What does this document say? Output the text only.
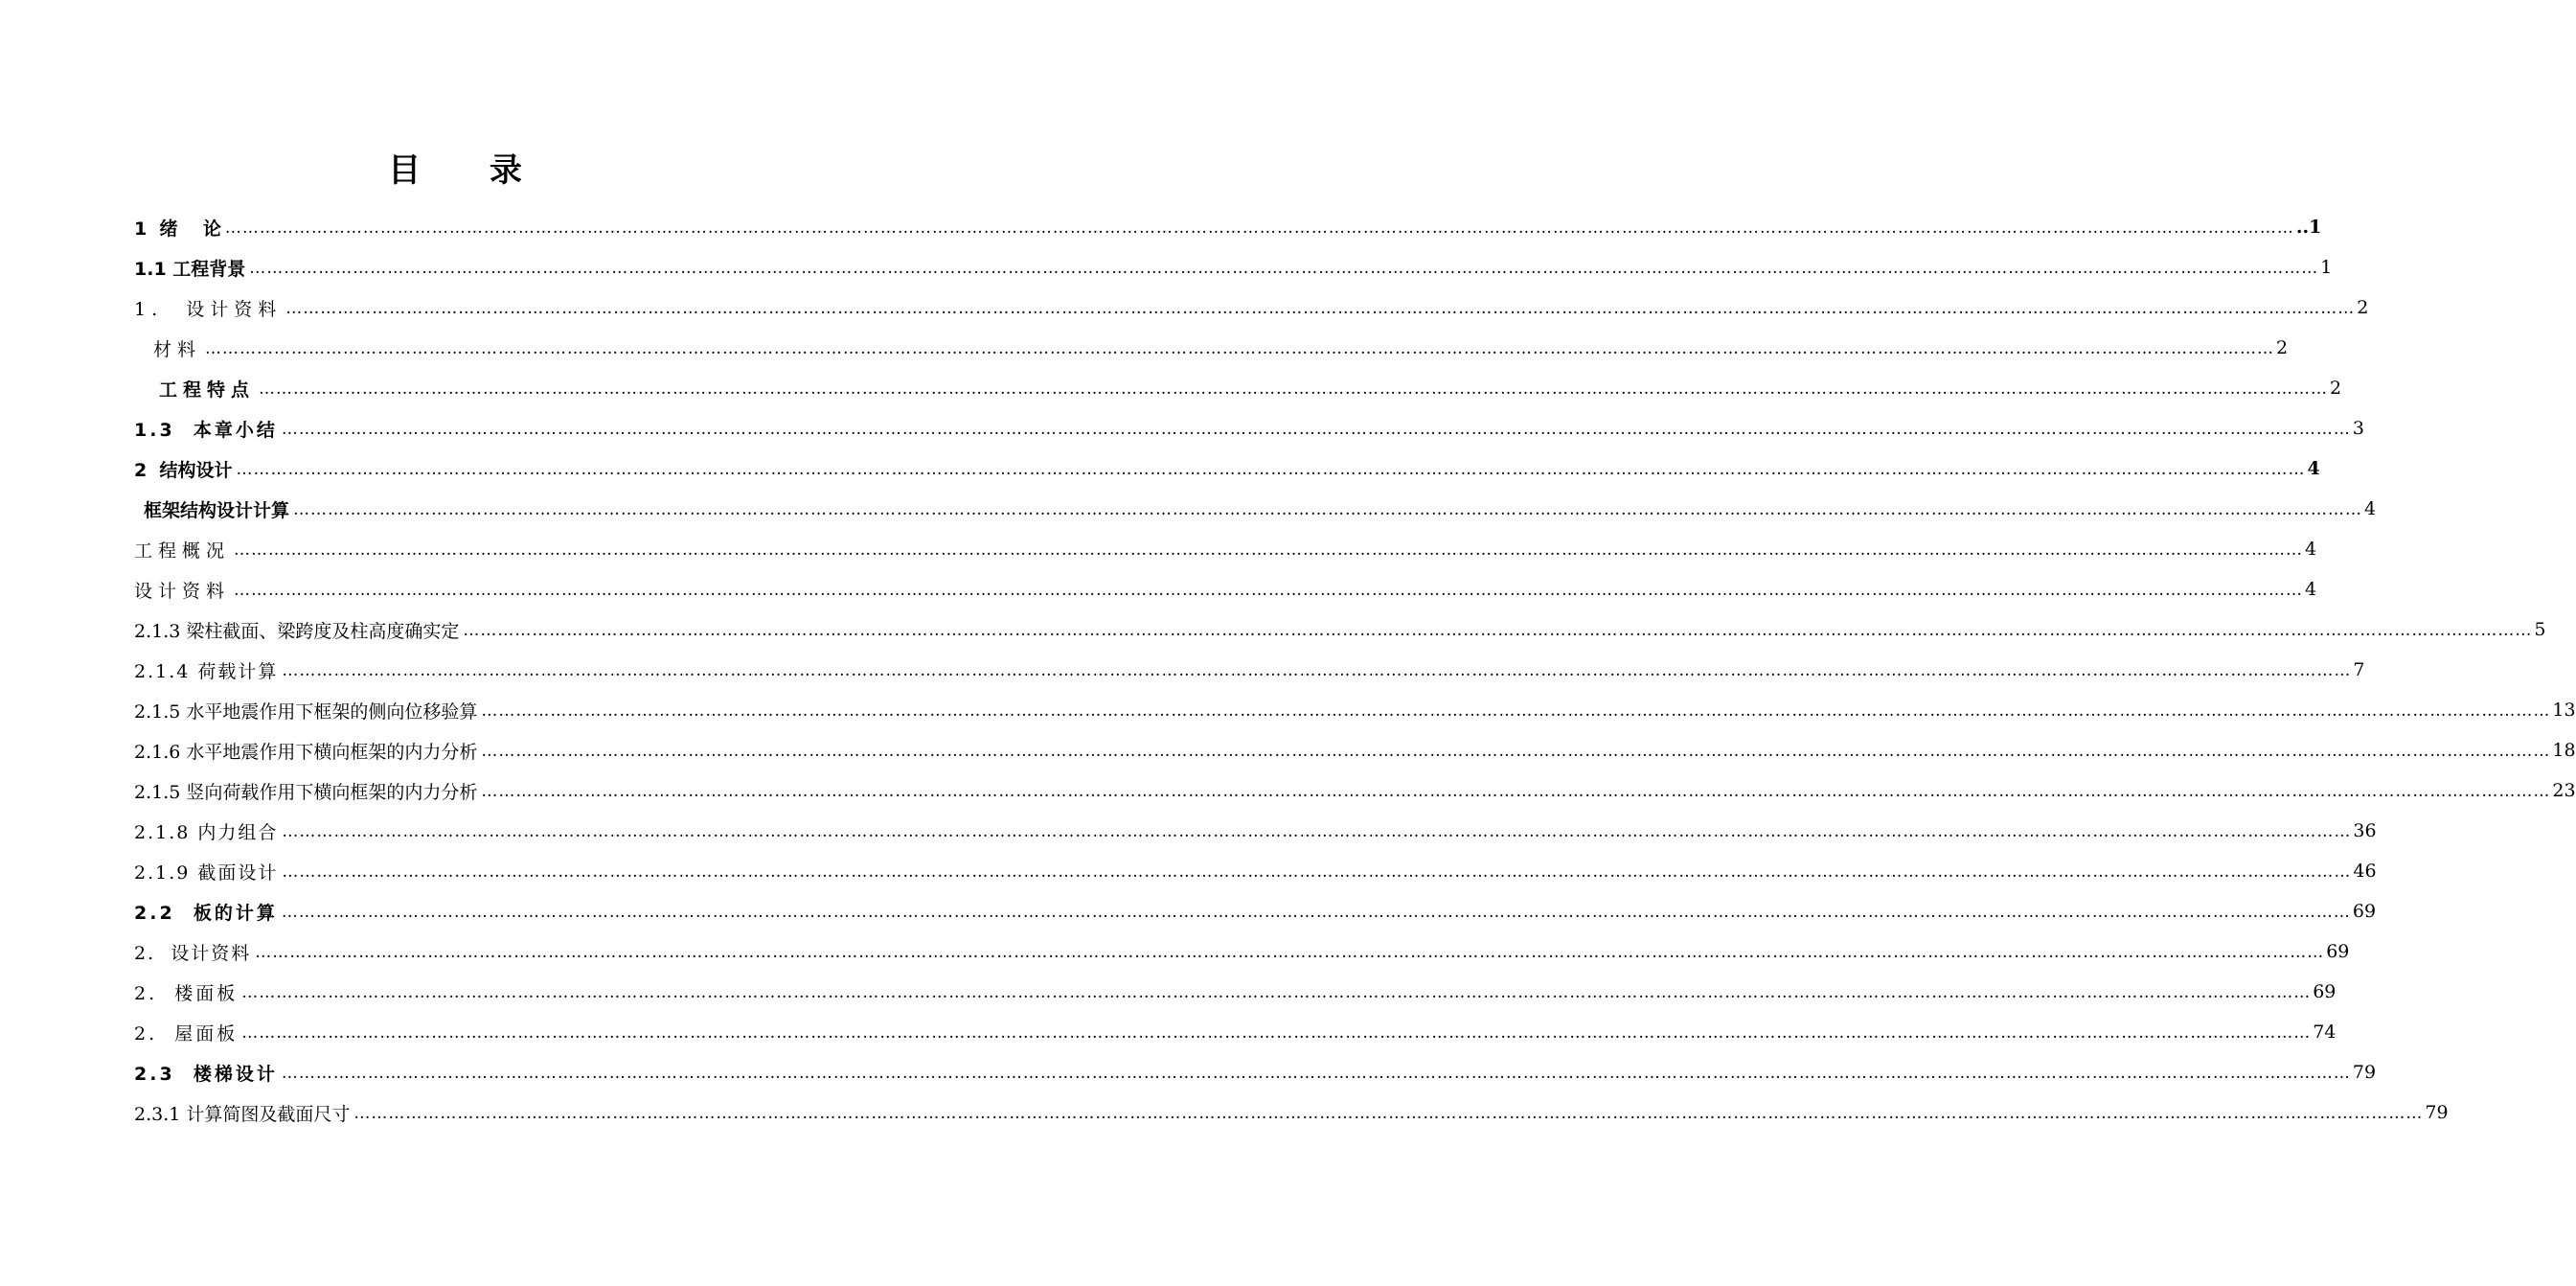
目 录
1  绪    论 ……………………………………………………………………………………………………………………………………………………………………………………………………………………………………………………………………………………………………………………………… ..1
1.1 工程背景 ……………………………………………………………………………………………………………………………………………………………………………………………………………………………………………………………………………………………………………………………… 1
1.  设计资料 ……………………………………………………………………………………………………………………………………………………………………………………………………………………………………………………………………………………………………………………………… 2
材料 ……………………………………………………………………………………………………………………………………………………………………………………………………………………………………………………………………………………………………………………………… 2
工程特点 ……………………………………………………………………………………………………………………………………………………………………………………………………………………………………………………………………………………………………………………………… 2
1.3  本章小结 ……………………………………………………………………………………………………………………………………………………………………………………………………………………………………………………………………………………………………………………………… 3
2  结构设计 ……………………………………………………………………………………………………………………………………………………………………………………………………………………………………………………………………………………………………………………………… 4
框架结构设计计算 ……………………………………………………………………………………………………………………………………………………………………………………………………………………………………………………………………………………………………………………………… 4
工程概况 ……………………………………………………………………………………………………………………………………………………………………………………………………………………………………………………………………………………………………………………………… 4
设计资料 ……………………………………………………………………………………………………………………………………………………………………………………………………………………………………………………………………………………………………………………………… 4
2.1.3 梁柱截面、梁跨度及柱高度确实定 ……………………………………………………………………………………………………………………………………………………………………………………………………………………………………………………………………………………………………………………………… 5
2.1.4 荷载计算 ……………………………………………………………………………………………………………………………………………………………………………………………………………………………………………………………………………………………………………………………… 7
2.1.5 水平地震作用下框架的侧向位移验算 ……………………………………………………………………………………………………………………………………………………………………………………………………………………………………………………………………………………………………………………………… 13
2.1.6 水平地震作用下横向框架的内力分析 ……………………………………………………………………………………………………………………………………………………………………………………………………………………………………………………………………………………………………………………………… 18
2.1.5 竖向荷载作用下横向框架的内力分析 ……………………………………………………………………………………………………………………………………………………………………………………………………………………………………………………………………………………………………………………………… 23
2.1.8 内力组合 ……………………………………………………………………………………………………………………………………………………………………………………………………………………………………………………………………………………………………………………………… 36
2.1.9 截面设计 ……………………………………………………………………………………………………………………………………………………………………………………………………………………………………………………………………………………………………………………………… 46
2.2  板的计算 ……………………………………………………………………………………………………………………………………………………………………………………………………………………………………………………………………………………………………………………………… 69
2.  设计资料 ……………………………………………………………………………………………………………………………………………………………………………………………………………………………………………………………………………………………………………………………… 69
2.  楼面板 ……………………………………………………………………………………………………………………………………………………………………………………………………………………………………………………………………………………………………………………………… 69
2.  屋面板 ……………………………………………………………………………………………………………………………………………………………………………………………………………………………………………………………………………………………………………………………… 74
2.3  楼梯设计 ……………………………………………………………………………………………………………………………………………………………………………………………………………………………………………………………………………………………………………………………… 79
2.3.1 计算简图及截面尺寸 ……………………………………………………………………………………………………………………………………………………………………………………………………………………………………………………………………………………………………………………………… 79
